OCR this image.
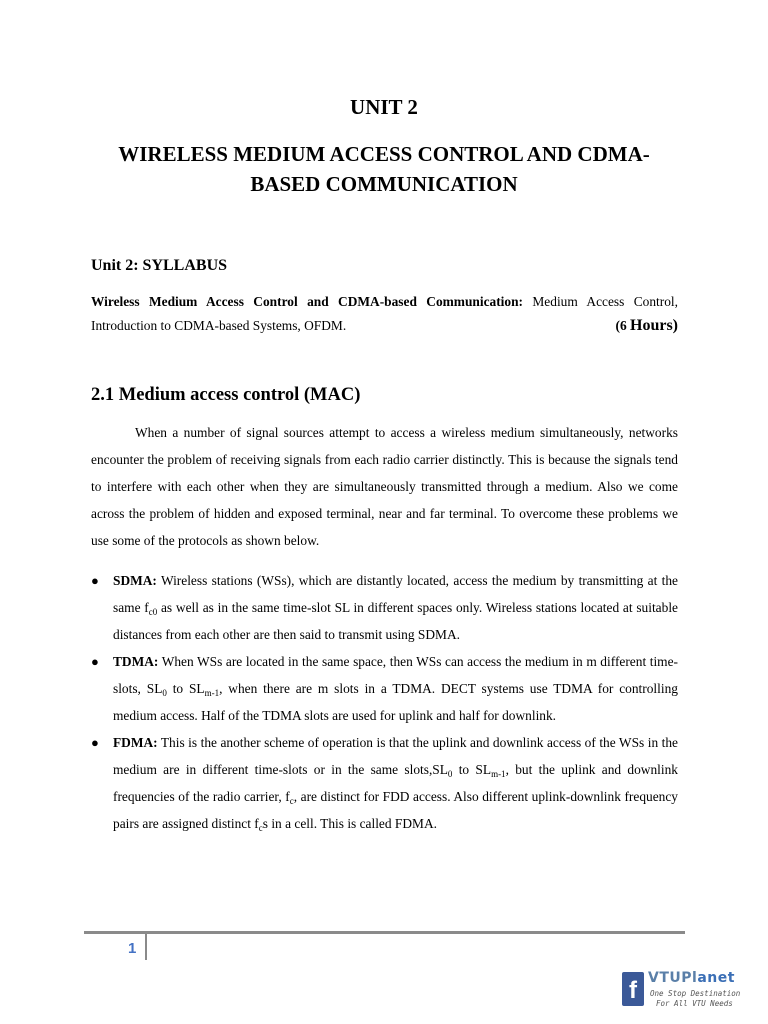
UNIT 2
WIRELESS MEDIUM ACCESS CONTROL AND CDMA-
BASED COMMUNICATION
Unit 2: SYLLABUS
Wireless Medium Access Control and CDMA-based Communication: Medium Access Control, Introduction to CDMA-based Systems, OFDM.	(6 Hours)
2.1 Medium access control (MAC)
When a number of signal sources attempt to access a wireless medium simultaneously, networks encounter the problem of receiving signals from each radio carrier distinctly. This is because the signals tend to interfere with each other when they are simultaneously transmitted through a medium. Also we come across the problem of hidden and exposed terminal, near and far terminal. To overcome these problems we use some of the protocols as shown below.
● SDMA: Wireless stations (WSs), which are distantly located, access the medium by transmitting at the same $f_{c0}$ as well as in the same time-slot SL in different spaces only. Wireless stations located at suitable distances from each other are then said to transmit using SDMA.
● TDMA: When WSs are located in the same space, then WSs can access the medium in m different time-slots, $SL_0$ to $SL_{m-1}$, when there are m slots in a TDMA. DECT systems use TDMA for controlling medium access. Half of the TDMA slots are used for uplink and half for downlink.
● FDMA: This is the another scheme of operation is that the uplink and downlink access of the WSs in the medium are in different time-slots or in the same $slots,SL_0$ to $SL_{m-1}$, but the uplink and downlink frequencies of the radio carrier, $f_c$, are distinct for FDD access. Also different uplink-downlink frequency pairs are assigned distinct $f_cs$ in a cell. This is called FDMA.
1
f VTUPlanet
One Stop Destination
For All VTU Needs
